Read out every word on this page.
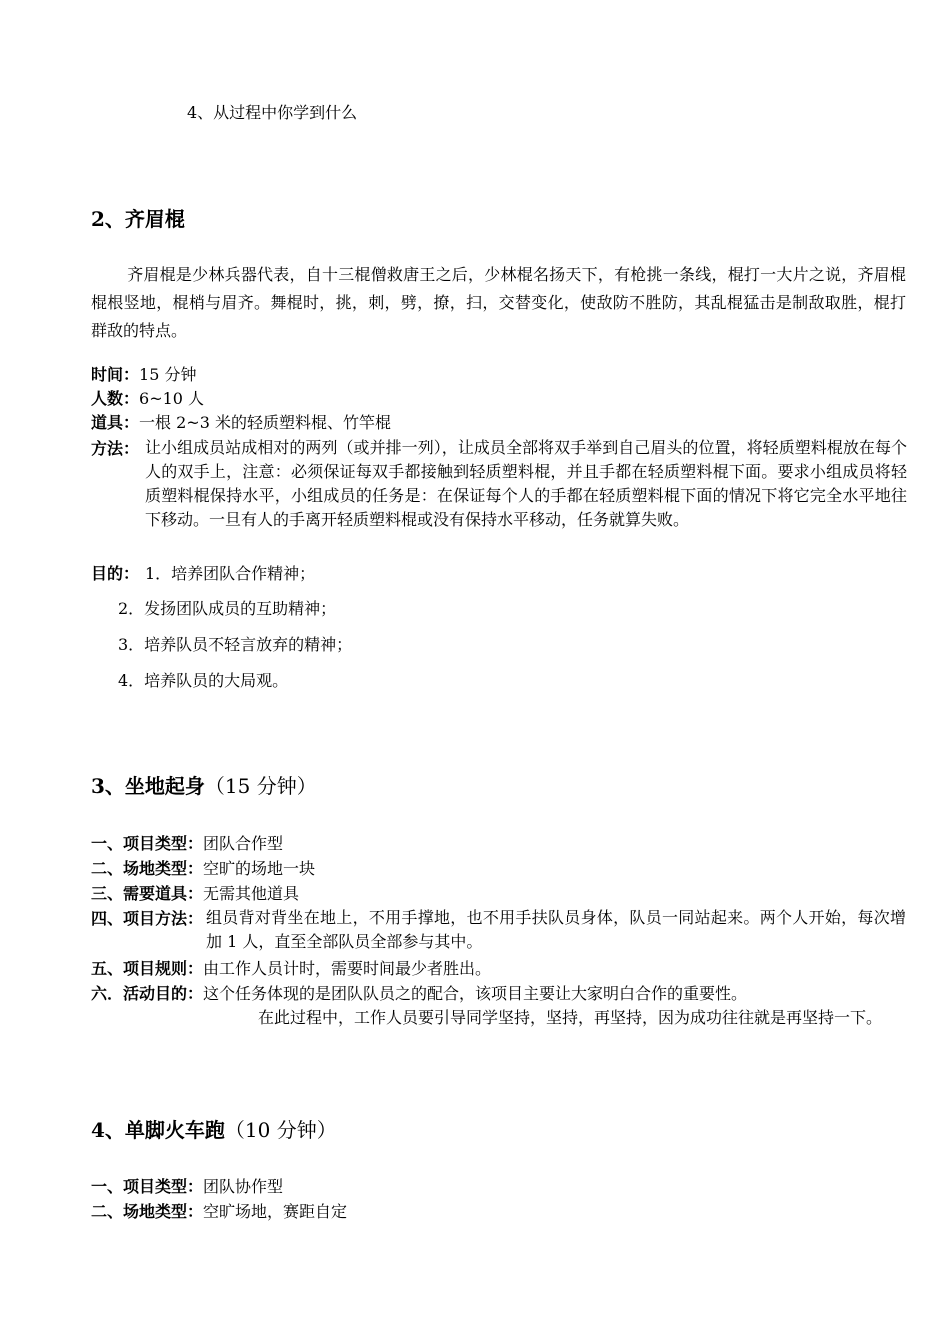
4、从过程中你学到什么
2、齐眉棍
齐眉棍是少林兵器代表，自十三棍僧救唐王之后，少林棍名扬天下，有枪挑一条线，棍打一大片之说，齐眉棍棍根竖地，棍梢与眉齐。舞棍时，挑，刺，劈，撩，扫，交替变化，使敌防不胜防，其乱棍猛击是制敌取胜，棍打群敌的特点。
时间：15 分钟
人数：6~10 人
道具：一根 2~3 米的轻质塑料棍、竹竿棍
方法： 让小组成员站成相对的两列（或并排一列），让成员全部将双手举到自己眉头的位置，将轻质塑料棍放在每个人的双手上，注意：必须保证每双手都接触到轻质塑料棍，并且手都在轻质塑料棍下面。要求小组成员将轻质塑料棍保持水平，小组成员的任务是：在保证每个人的手都在轻质塑料棍下面的情况下将它完全水平地往下移动。一旦有人的手离开轻质塑料棍或没有保持水平移动，任务就算失败。
目的： 1．培养团队合作精神；
2．发扬团队成员的互助精神；
3．培养队员不轻言放弃的精神；
4．培养队员的大局观。
3、坐地起身（15 分钟）
一、项目类型：团队合作型
二、场地类型：空旷的场地一块
三、需要道具：无需其他道具
四、项目方法： 组员背对背坐在地上，不用手撑地，也不用手扶队员身体，队员一同站起来。两个人开始，每次增加 1 人，直至全部队员全部参与其中。
五、项目规则：由工作人员计时，需要时间最少者胜出。
六．活动目的：这个任务体现的是团队队员之的配合，该项目主要让大家明白合作的重要性。
在此过程中，工作人员要引导同学坚持，坚持，再坚持，因为成功往往就是再坚持一下。
4、单脚火车跑（10 分钟）
一、项目类型：团队协作型
二、场地类型：空旷场地，赛距自定
